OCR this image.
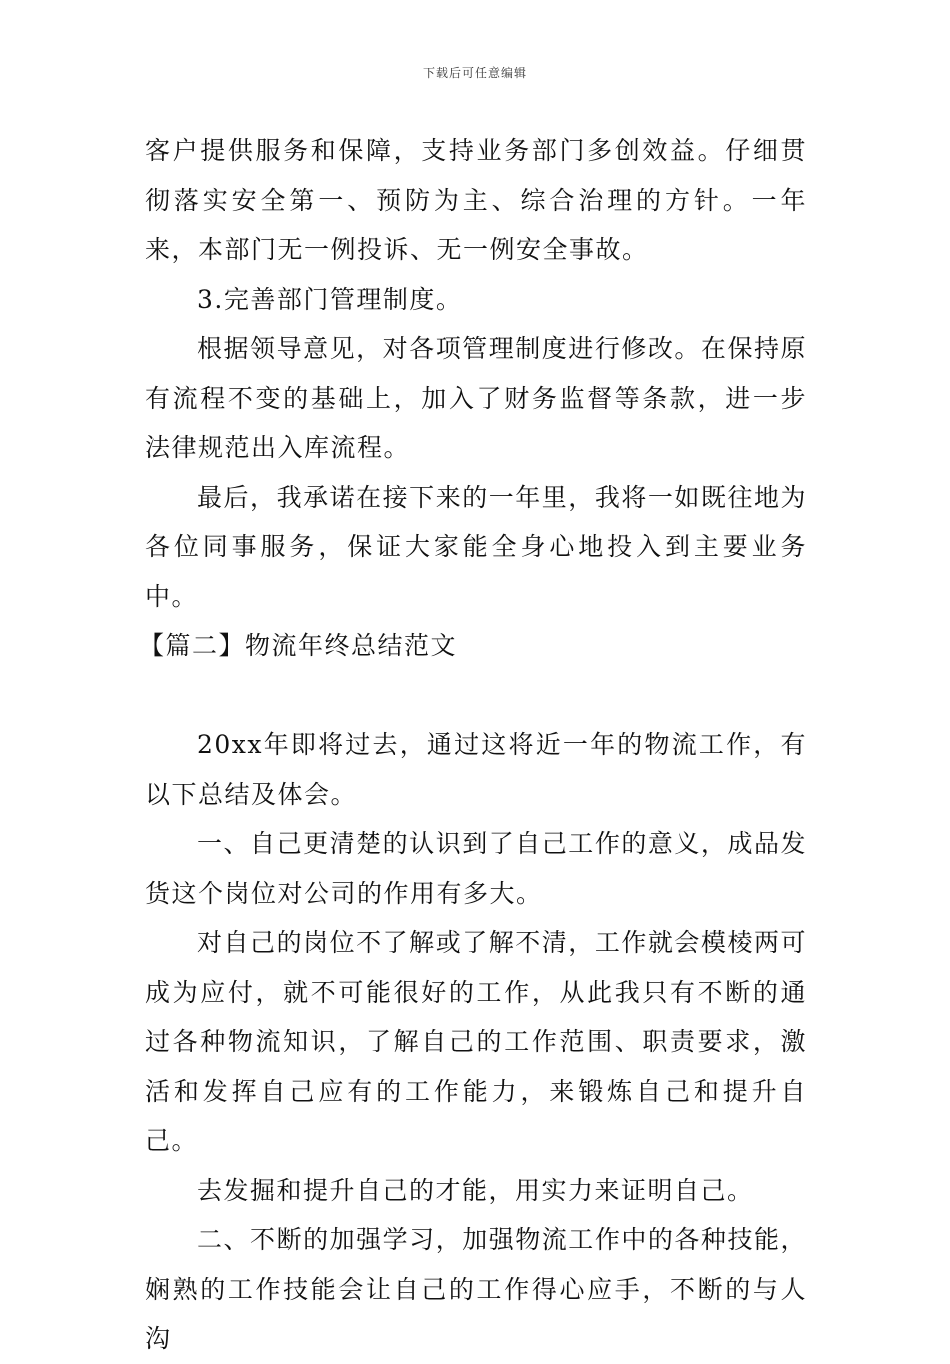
下载后可任意编辑

客户提供服务和保障，支持业务部门多创效益。仔细贯彻落实安全第一、预防为主、综合治理的方针。一年来，本部门无一例投诉、无一例安全事故。

3.完善部门管理制度。

根据领导意见，对各项管理制度进行修改。在保持原有流程不变的基础上，加入了财务监督等条款，进一步法律规范出入库流程。

最后，我承诺在接下来的一年里，我将一如既往地为各位同事服务，保证大家能全身心地投入到主要业务中。

【篇二】物流年终总结范文

20xx年即将过去，通过这将近一年的物流工作，有以下总结及体会。

一、自己更清楚的认识到了自己工作的意义，成品发货这个岗位对公司的作用有多大。

对自己的岗位不了解或了解不清，工作就会模棱两可成为应付，就不可能很好的工作，从此我只有不断的通过各种物流知识，了解自己的工作范围、职责要求，激活和发挥自己应有的工作能力，来锻炼自己和提升自己。

去发掘和提升自己的才能，用实力来证明自己。

二、不断的加强学习，加强物流工作中的各种技能，娴熟的工作技能会让自己的工作得心应手，不断的与人沟
